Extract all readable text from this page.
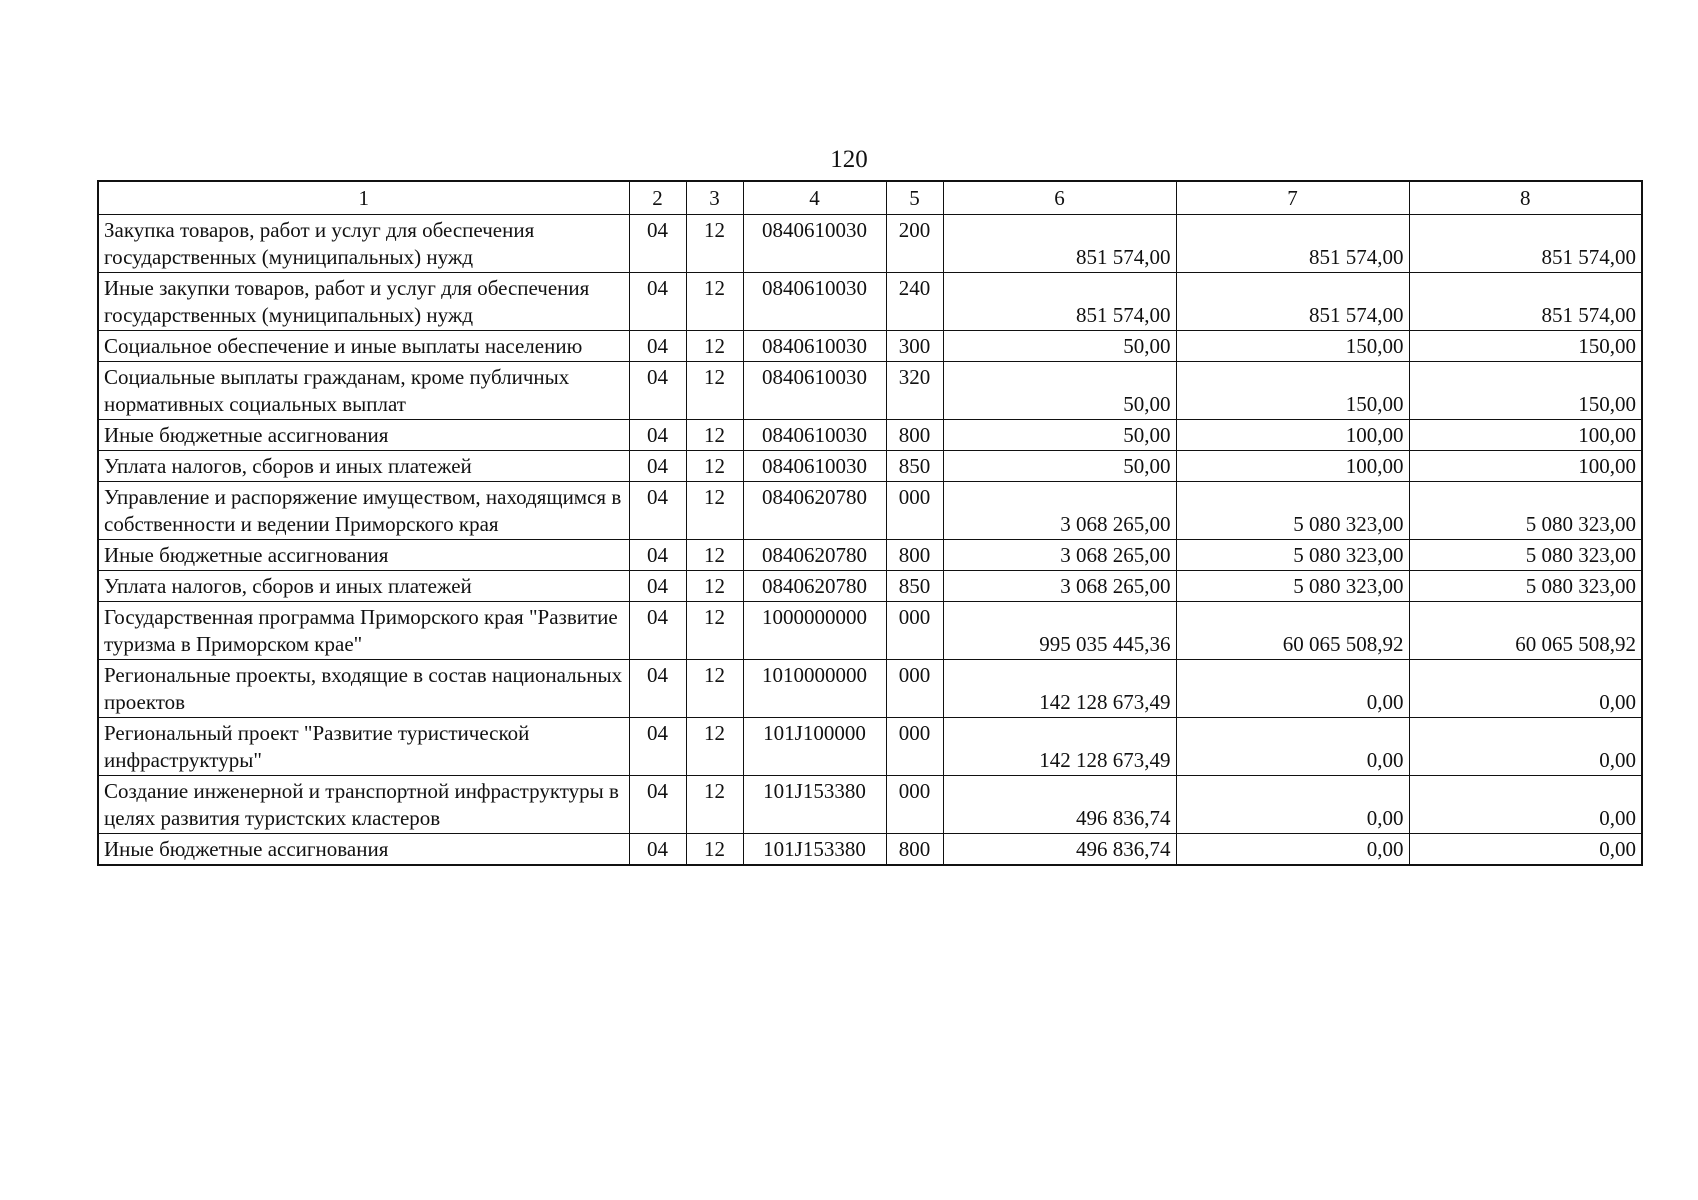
120
1	2	3	4	5	6	7	8
Закупка товаров, работ и услуг для обеспечения государственных (муниципальных) нужд	04	12	0840610030	200	851 574,00	851 574,00	851 574,00
Иные закупки товаров, работ и услуг для обеспечения государственных (муниципальных) нужд	04	12	0840610030	240	851 574,00	851 574,00	851 574,00
Социальное обеспечение и иные выплаты населению	04	12	0840610030	300	50,00	150,00	150,00
Социальные выплаты гражданам, кроме публичных нормативных социальных выплат	04	12	0840610030	320	50,00	150,00	150,00
Иные бюджетные ассигнования	04	12	0840610030	800	50,00	100,00	100,00
Уплата налогов, сборов и иных платежей	04	12	0840610030	850	50,00	100,00	100,00
Управление и распоряжение имуществом, находящимся в собственности и ведении Приморского края	04	12	0840620780	000	3 068 265,00	5 080 323,00	5 080 323,00
Иные бюджетные ассигнования	04	12	0840620780	800	3 068 265,00	5 080 323,00	5 080 323,00
Уплата налогов, сборов и иных платежей	04	12	0840620780	850	3 068 265,00	5 080 323,00	5 080 323,00
Государственная программа Приморского края "Развитие туризма в Приморском крае"	04	12	1000000000	000	995 035 445,36	60 065 508,92	60 065 508,92
Региональные проекты, входящие в состав национальных проектов	04	12	1010000000	000	142 128 673,49	0,00	0,00
Региональный проект "Развитие туристической инфраструктуры"	04	12	101J100000	000	142 128 673,49	0,00	0,00
Создание инженерной и транспортной инфраструктуры в целях развития туристских кластеров	04	12	101J153380	000	496 836,74	0,00	0,00
Иные бюджетные ассигнования	04	12	101J153380	800	496 836,74	0,00	0,00
